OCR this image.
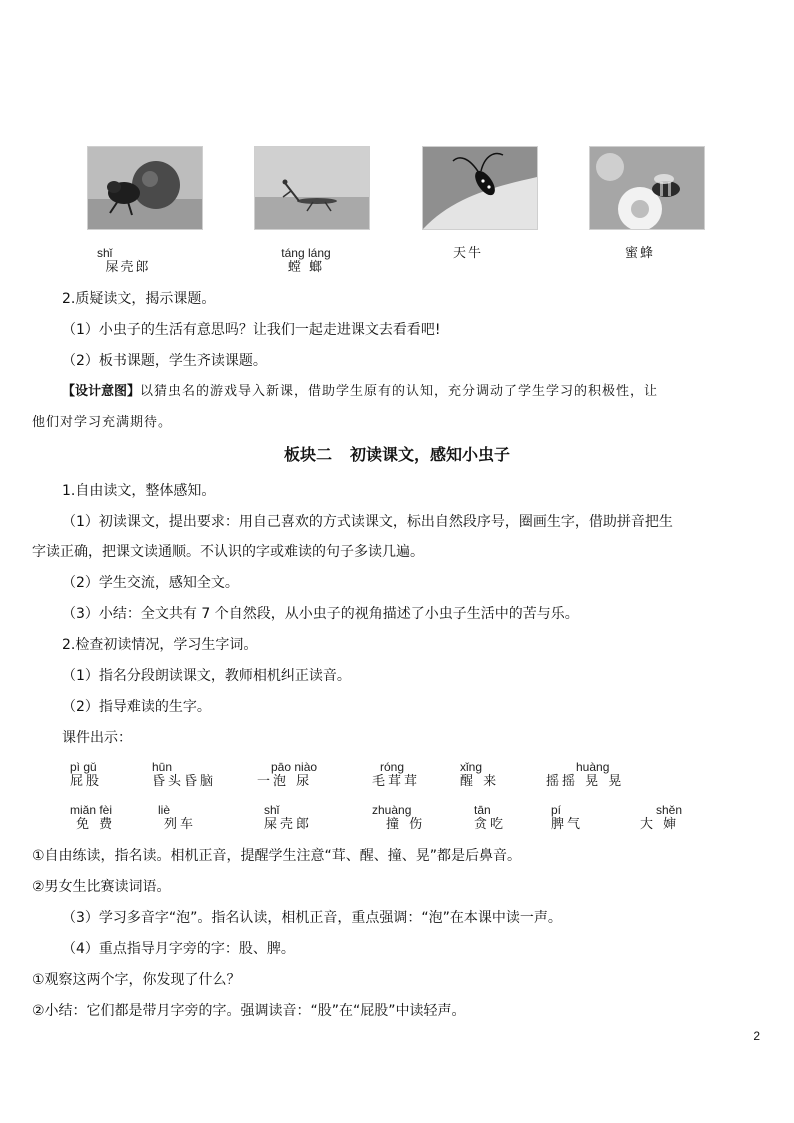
shǐ
屎壳郎
táng láng
螳 螂
天牛	蜜蜂
2.质疑读文，揭示课题。
（1）小虫子的生活有意思吗？让我们一起走进课文去看看吧!
（2）板书课题，学生齐读课题。
【设计意图】以猜虫名的游戏导入新课，借助学生原有的认知，充分调动了学生学习的积极性，让
他们对学习充满期待。
板块二 初读课文，感知小虫子
1.自由读文，整体感知。
（1）初读课文，提出要求：用自己喜欢的方式读课文，标出自然段序号，圈画生字，借助拼音把生
字读正确，把课文读通顺。不认识的字或难读的句子多读几遍。
（2）学生交流，感知全文。
（3）小结：全文共有 7 个自然段，从小虫子的视角描述了小虫子生活中的苦与乐。
2.检查初读情况，学习生字词。
（1）指名分段朗读课文，教师相机纠正读音。
（2）指导难读的生字。
课件出示：
pì gǔ
屁股
hūn
昏头昏脑
pāo niào
一泡 尿
róng
毛茸茸
xǐng
醒 来
huàng
摇摇 晃 晃
miǎn fèi
免 费
liè
列车
shǐ
屎壳郎
zhuàng
撞 伤
tān
贪吃
pí
脾气
shěn
大 婶
①自由练读，指名读。相机正音，提醒学生注意“茸、醒、撞、晃”都是后鼻音。
②男女生比赛读词语。
（3）学习多音字“泡”。指名认读，相机正音，重点强调：“泡”在本课中读一声。
（4）重点指导月字旁的字：股、脾。
①观察这两个字，你发现了什么？
②小结：它们都是带月字旁的字。强调读音：“股”在“屁股”中读轻声。
2
